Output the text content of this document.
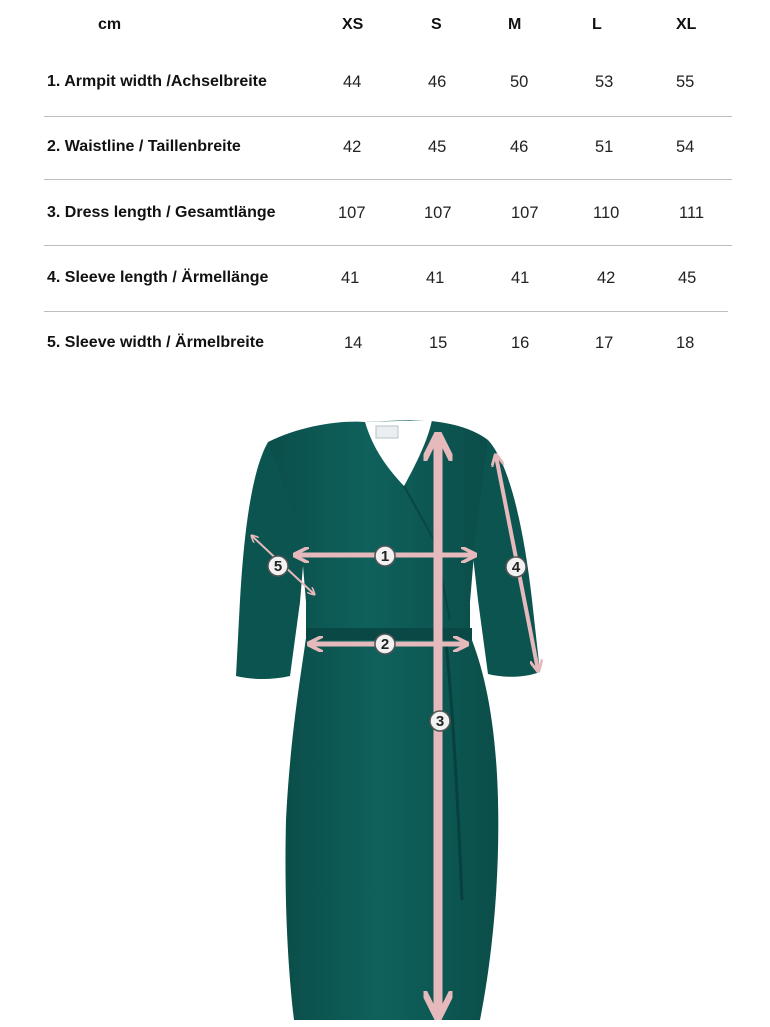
cm	XS	S	M	L	XL
1. Armpit width /Achselbreite	44	46	50	53	55
2. Waistline / Taillenbreite	42	45	46	51	54
3. Dress length / Gesamtlänge	107	107	107	110	111
4. Sleeve length / Ärmellänge	41	41	41	42	45
5. Sleeve width / Ärmelbreite	14	15	16	17	18
1
2
3
4
5
